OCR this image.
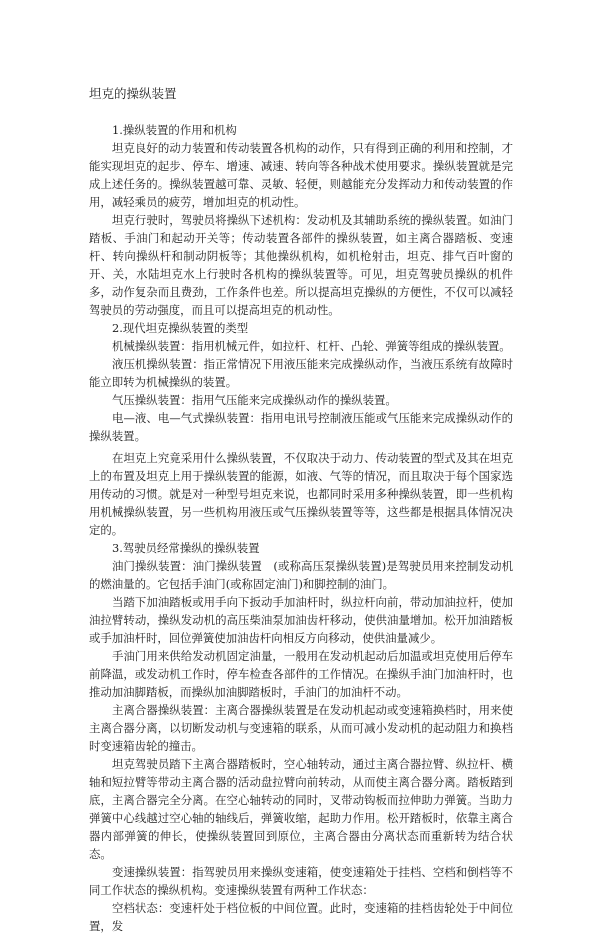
坦克的操纵装置

1.操纵装置的作用和机构

坦克良好的动力装置和传动装置各机构的动作，只有得到正确的利用和控制，才能实现坦克的起步、停车、增速、减速、转向等各种战术使用要求。操纵装置就是完成上述任务的。操纵装置越可靠、灵敏、轻便，则越能充分发挥动力和传动装置的作用，减轻乘员的疲劳，增加坦克的机动性。

坦克行驶时，驾驶员将操纵下述机构：发动机及其辅助系统的操纵装置。如油门踏板、手油门和起动开关等；传动装置各部件的操纵装置，如主离合器踏板、变速杆、转向操纵杆和制动阴板等；其他操纵机构，如机枪射击，坦克、排气百叶窗的开、关，水陆坦克水上行驶时各机构的操纵装置等。可见，坦克驾驶员操纵的机件多，动作复杂而且费劲，工作条件也差。所以提高坦克操纵的方便性，不仅可以减轻驾驶员的劳动强度，而且可以提高坦克的机动性。

2.现代坦克操纵装置的类型

机械操纵装置：指用机械元件，如拉杆、杠杆、凸轮、弹簧等组成的操纵装置。

液压机操纵装置：指正常情况下用液压能来完成操纵动作，当液压系统有故障时能立即转为机械操纵的装置。

气压操纵装置：指用气压能来完成操纵动作的操纵装置。

电—液、电—气式操纵装置：指用电讯号控制液压能或气压能来完成操纵动作的操纵装置。

在坦克上究竟采用什么操纵装置，不仅取决于动力、传动装置的型式及其在坦克上的布置及坦克上用于操纵装置的能源，如液、气等的情况，而且取决于每个国家选用传动的习惯。就是对一种型号坦克来说，也都同时采用多种操纵装置，即一些机构用机械操纵装置，另一些机构用液压或气压操纵装置等等，这些都是根据具体情况决定的。

3.驾驶员经常操纵的操纵装置

油门操纵装置：油门操纵装置　(或称高压泵操纵装置)是驾驶员用来控制发动机的燃油量的。它包括手油门(或称固定油门)和脚控制的油门。

当踏下加油踏板或用手向下扳动手加油杆时，纵拉杆向前，带动加油拉杆，使加油拉臂转动，操纵发动机的高压柴油泵加油齿杆移动，使供油量增加。松开加油踏板或手加油杆时，回位弹簧使加油齿杆向相反方向移动，使供油量减少。

手油门用来供给发动机固定油量，一般用在发动机起动后加温或坦克使用后停车前降温，或发动机工作时，停车检查各部件的工作情况。在操纵手油门加油杆时，也推动加油脚踏板，而操纵加油脚踏板时，手油门的加油杆不动。

主离合器操纵装置：主离合器操纵装置是在发动机起动或变速箱换档时，用来使主离合器分离，以切断发动机与变速箱的联系，从而可减小发动机的起动阻力和换档时变速箱齿轮的撞击。

坦克驾驶员踏下主离合器踏板时，空心轴转动，通过主离合器拉臂、纵拉杆、横轴和短拉臂等带动主离合器的活动盘拉臂向前转动，从而使主离合器分离。踏板踏到底，主离合器完全分离。在空心轴转动的同时，叉带动钩板而拉伸助力弹簧。当助力弹簧中心线越过空心轴的轴线后，弹簧收缩，起助力作用。松开踏板时，依靠主离合器内部弹簧的伸长，使操纵装置回到原位，主离合器由分离状态而重新转为结合状态。

变速操纵装置：指驾驶员用来操纵变速箱，使变速箱处于挂档、空档和倒档等不同工作状态的操纵机构。变速操纵装置有两种工作状态：

空档状态：变速杆处于档位板的中间位置。此时，变速箱的挂档齿轮处于中间位置，发
